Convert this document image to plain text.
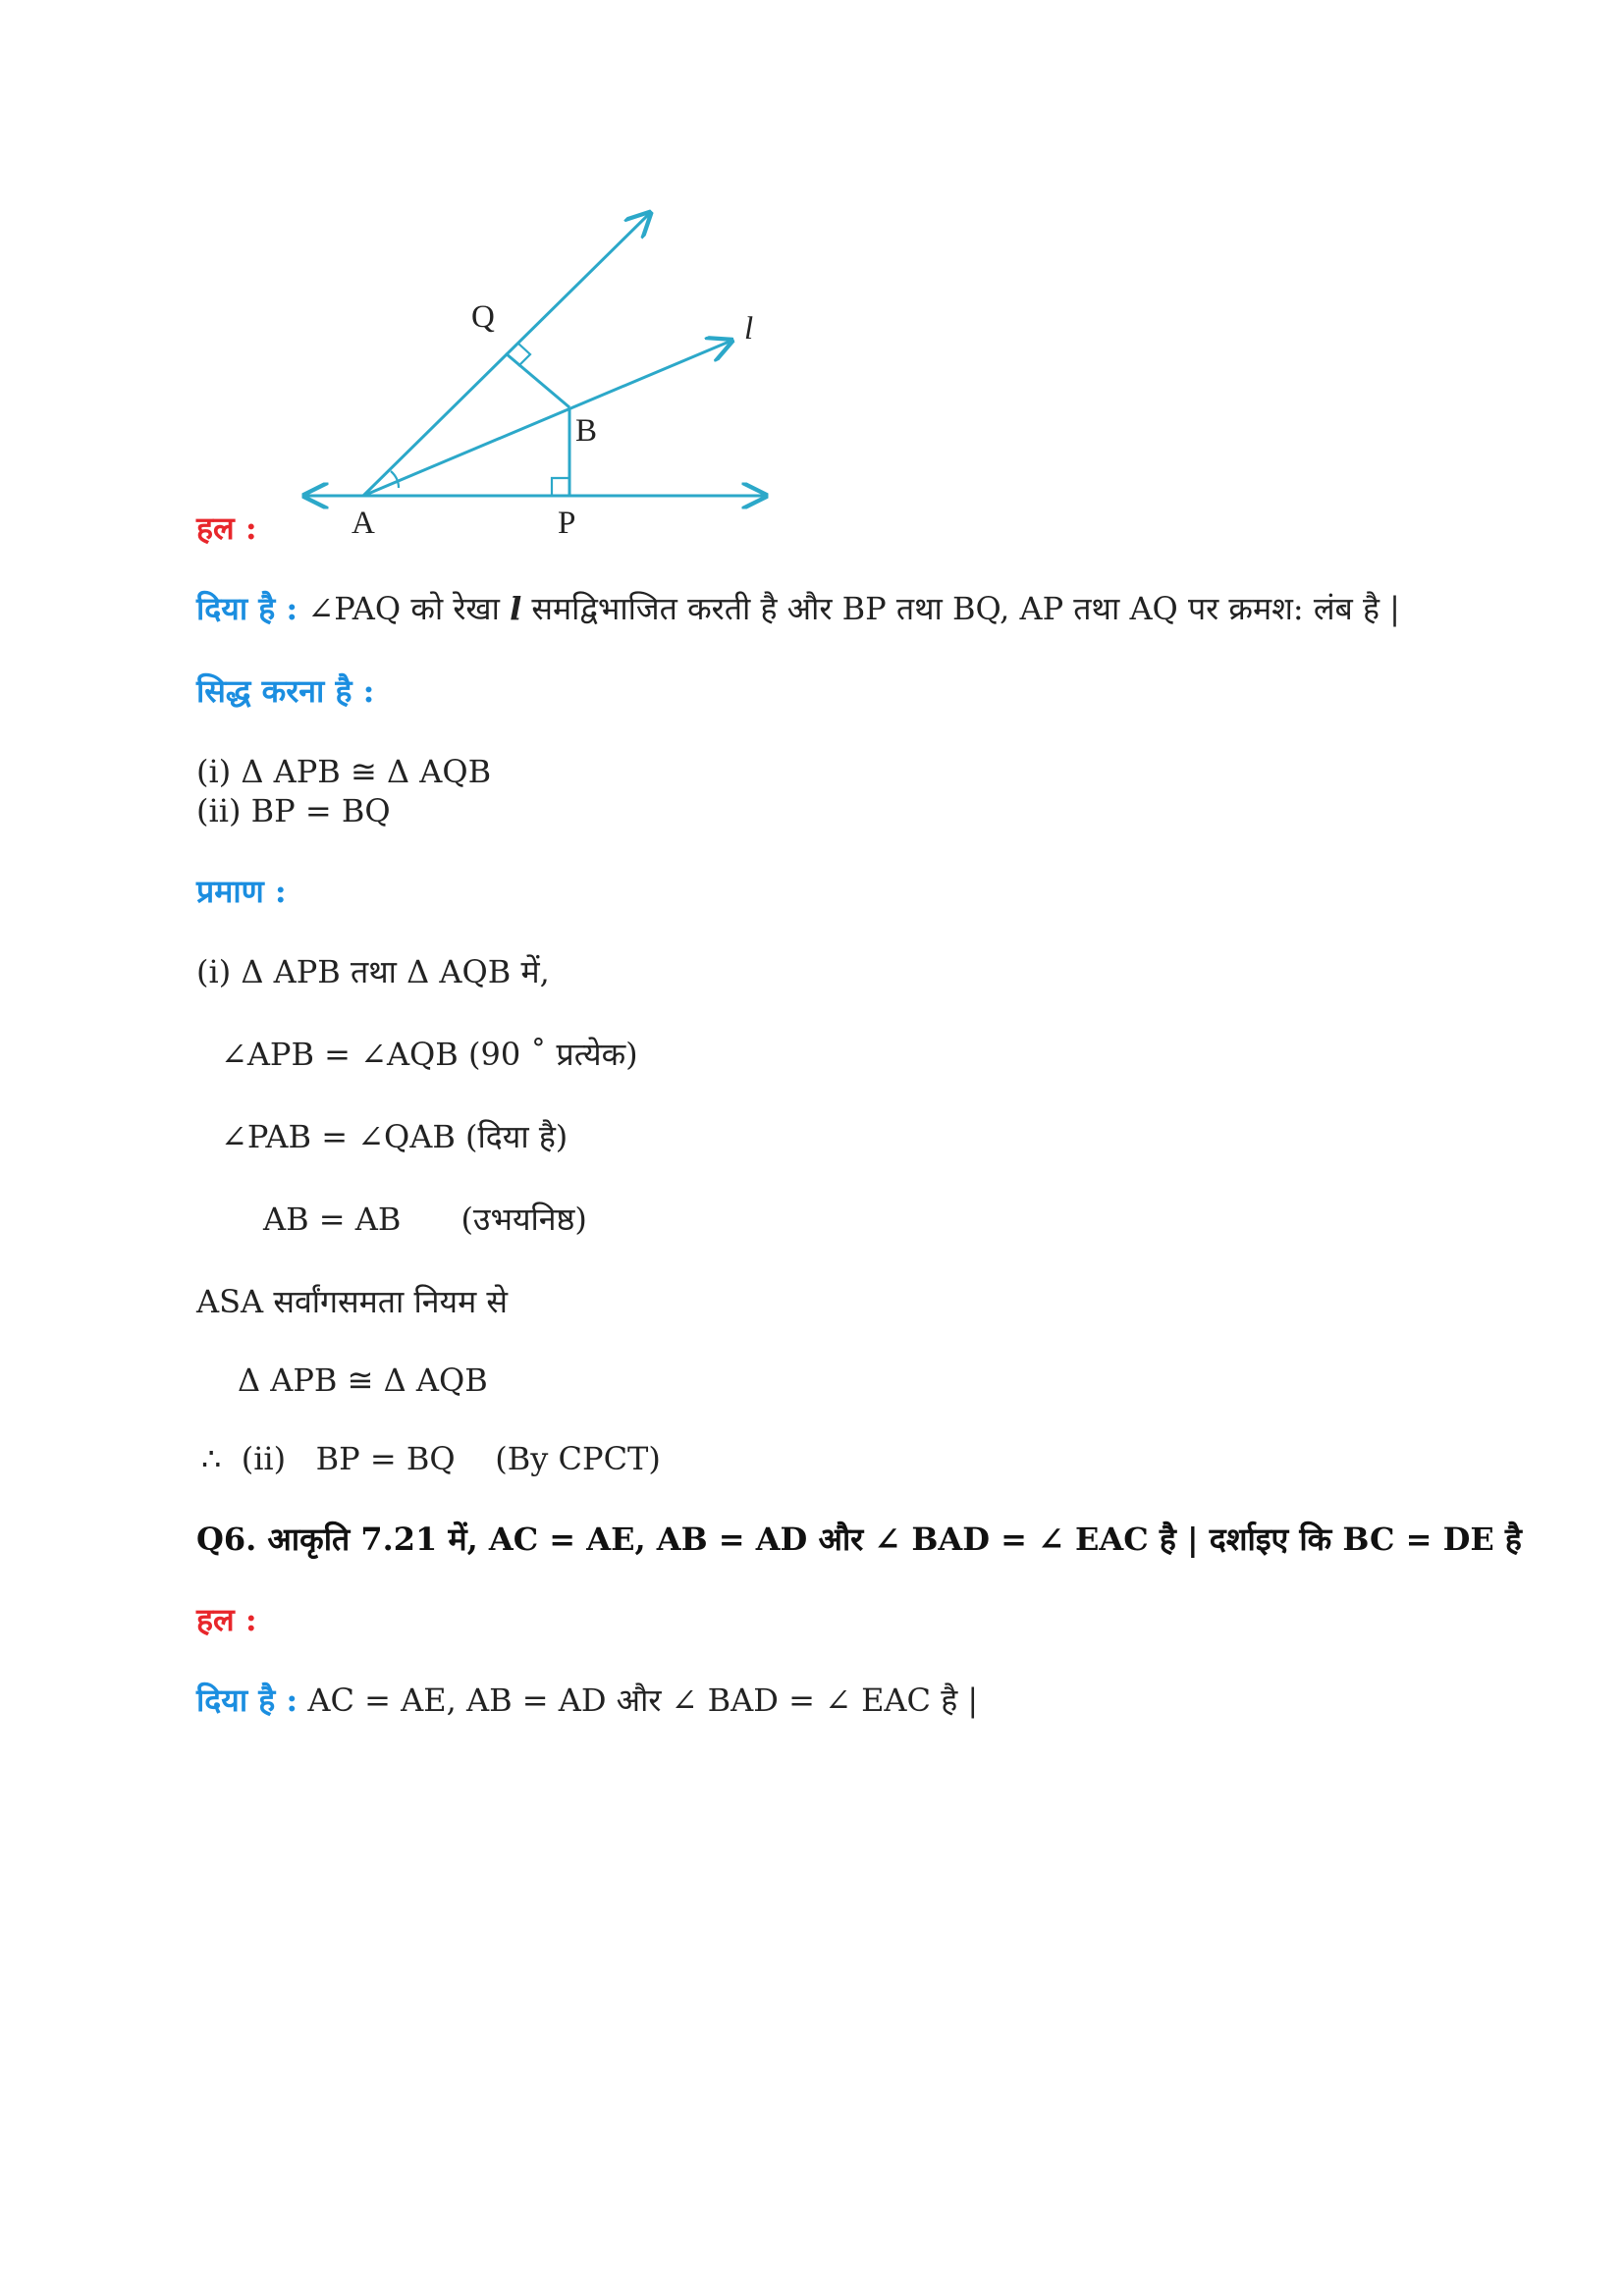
A	P
B
Q	l
हल :
दिया है : ∠PAQ को रेखा l समद्विभाजित करती है और BP तथा BQ, AP तथा AQ पर क्रमश: लंब है |
सिद्ध करना है :
(i) Δ APB ≅ Δ AQB
(ii) BP = BQ
प्रमाण :
(i) Δ APB तथा Δ AQB में,
∠APB = ∠AQB (90 ˚ प्रत्येक)
∠PAB = ∠QAB (दिया है)
AB = AB      (उभयनिष्ठ)
ASA सर्वांगसमता नियम से
Δ APB ≅ Δ AQB
∴  (ii)   BP = BQ    (By CPCT)
Q6. आकृति 7.21 में, AC = AE, AB = AD और ∠ BAD = ∠ EAC है | दर्शाइए कि BC = DE है
हल :
दिया है : AC = AE, AB = AD और ∠ BAD = ∠ EAC है |
